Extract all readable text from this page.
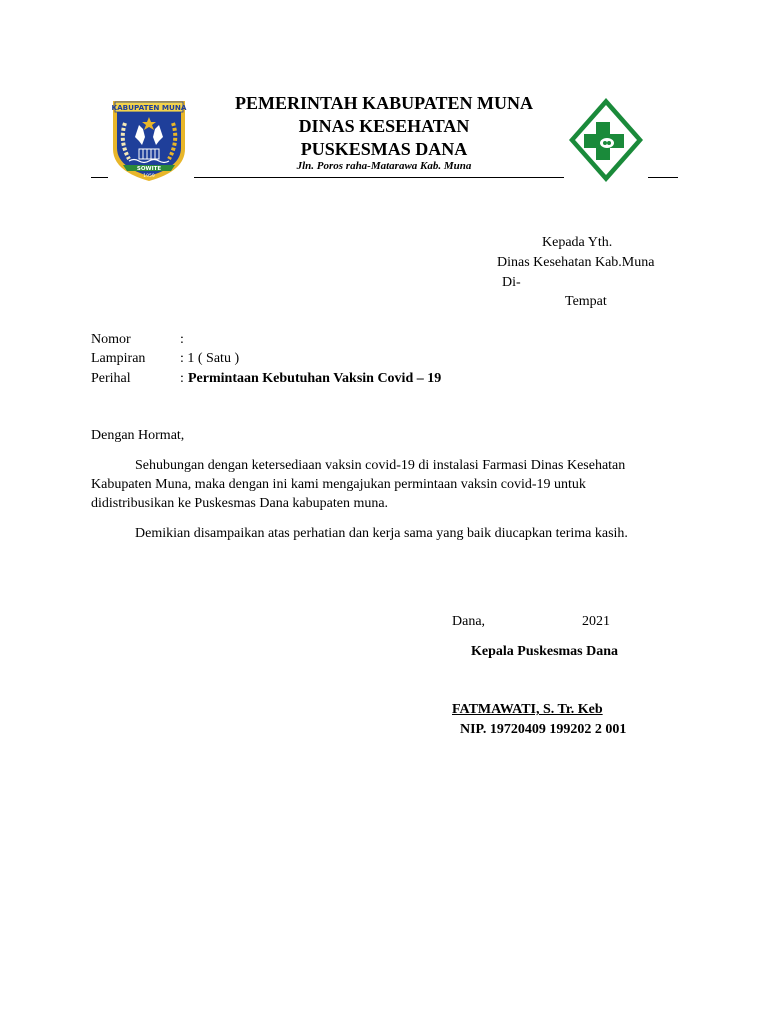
KABUPATEN MUNA
SOWITE
1959
PEMERINTAH KABUPATEN MUNA
DINAS KESEHATAN
PUSKESMAS DANA
Jln. Poros raha-Matarawa Kab. Muna
Kepada Yth.
Dinas Kesehatan Kab.Muna
Di-
Tempat
Nomor	:
Lampiran : 1 ( Satu )
Perihal	: Permintaan Kebutuhan Vaksin Covid – 19
Dengan Hormat,
Sehubungan dengan ketersediaan vaksin covid-19 di instalasi Farmasi Dinas Kesehatan
Kabupaten Muna, maka dengan ini kami mengajukan permintaan vaksin covid-19 untuk
didistribusikan ke Puskesmas Dana kabupaten muna.
Demikian disampaikan atas perhatian dan kerja sama yang baik diucapkan terima kasih.
Dana,	2021
Kepala Puskesmas Dana
FATMAWATI, S. Tr. Keb
NIP. 19720409 199202 2 001
